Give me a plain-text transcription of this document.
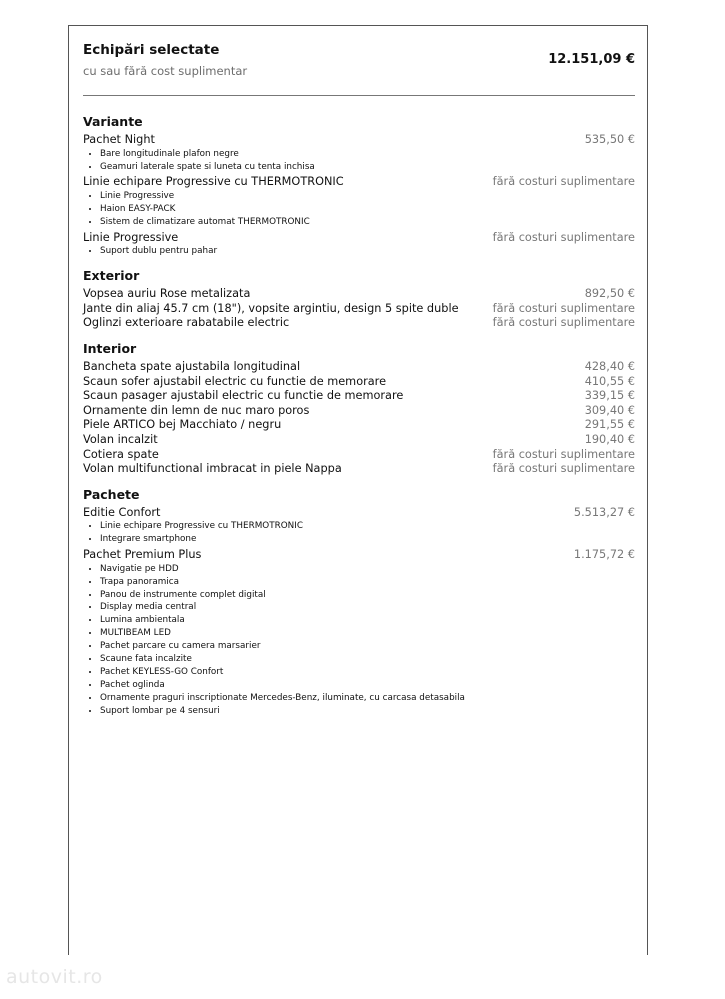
Echipări selectate
cu sau fără cost suplimentar
12.151,09 €
Variante
Pachet Night	535,50 €
• Bare longitudinale plafon negre
• Geamuri laterale spate si luneta cu tenta inchisa
Linie echipare Progressive cu THERMOTRONIC	fără costuri suplimentare
• Linie Progressive
• Haion EASY-PACK
• Sistem de climatizare automat THERMOTRONIC
Linie Progressive	fără costuri suplimentare
• Suport dublu pentru pahar
Exterior
Vopsea auriu Rose metalizata	892,50 €
Jante din aliaj 45.7 cm (18"), vopsite argintiu, design 5 spite duble	fără costuri suplimentare
Oglinzi exterioare rabatabile electric	fără costuri suplimentare
Interior
Bancheta spate ajustabila longitudinal	428,40 €
Scaun sofer ajustabil electric cu functie de memorare	410,55 €
Scaun pasager ajustabil electric cu functie de memorare	339,15 €
Ornamente din lemn de nuc maro poros	309,40 €
Piele ARTICO bej Macchiato / negru	291,55 €
Volan incalzit	190,40 €
Cotiera spate	fără costuri suplimentare
Volan multifunctional imbracat in piele Nappa	fără costuri suplimentare
Pachete
Editie Confort	5.513,27 €
• Linie echipare Progressive cu THERMOTRONIC
• Integrare smartphone
Pachet Premium Plus	1.175,72 €
• Navigatie pe HDD
• Trapa panoramica
• Panou de instrumente complet digital
• Display media central
• Lumina ambientala
• MULTIBEAM LED
• Pachet parcare cu camera marsarier
• Scaune fata incalzite
• Pachet KEYLESS-GO Confort
• Pachet oglinda
• Ornamente praguri inscriptionate Mercedes-Benz, iluminate, cu carcasa detasabila
• Suport lombar pe 4 sensuri
autovit.ro
